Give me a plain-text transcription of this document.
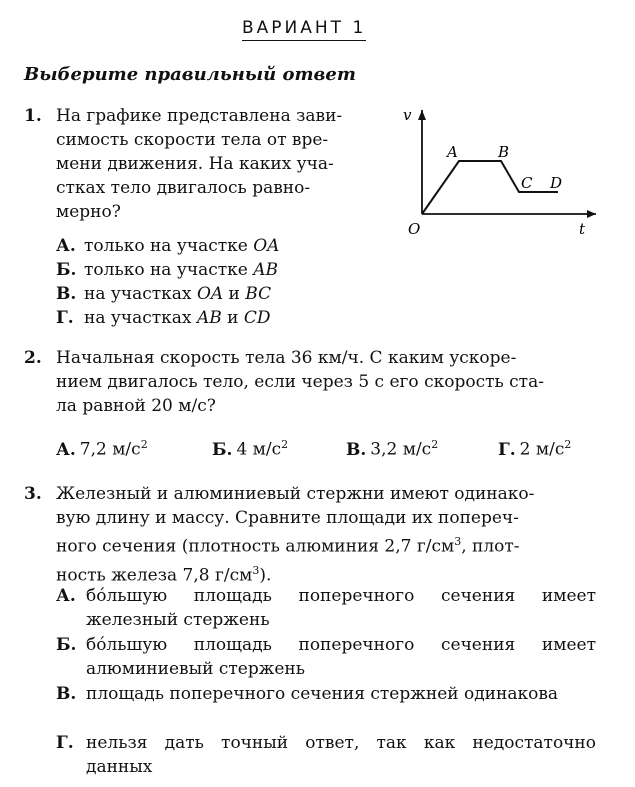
ВАРИАНТ 1
Выберите правильный ответ
1. На графике представлена зави-
симость скорости тела от вре-
мени движения. На каких уча-
стках тело двигалось равно-
мерно?
v
t
O
A	B
C D
А. только на участке OA
Б. только на участке AB
В. на участках OA и BC
Г. на участках AB и CD
2. Начальная скорость тела 36 км/ч. С каким ускоре-
нием двигалось тело, если через 5 с его скорость ста-
ла равной 20 м/с?
А. 7,2 $м/с^2$	Б. 4 $м/с^2$	В. 3,2 $м/с^2$	Г. 2 $м/с^2$
3. Железный и алюминиевый стержни имеют одинако-
вую длину и массу. Сравните площади их попереч-
ного сечения (плотность алюминия 2,7 $г/см^3$, плот-
ность железа 7,8 $г/см^3$).
А. бóльшую площадь поперечного сечения имеет железный стержень
Б. бóльшую площадь поперечного сечения имеет алюминиевый стержень
В. площадь поперечного сечения стержней одинакова
Г. нельзя дать точный ответ, так как недостаточно данных
